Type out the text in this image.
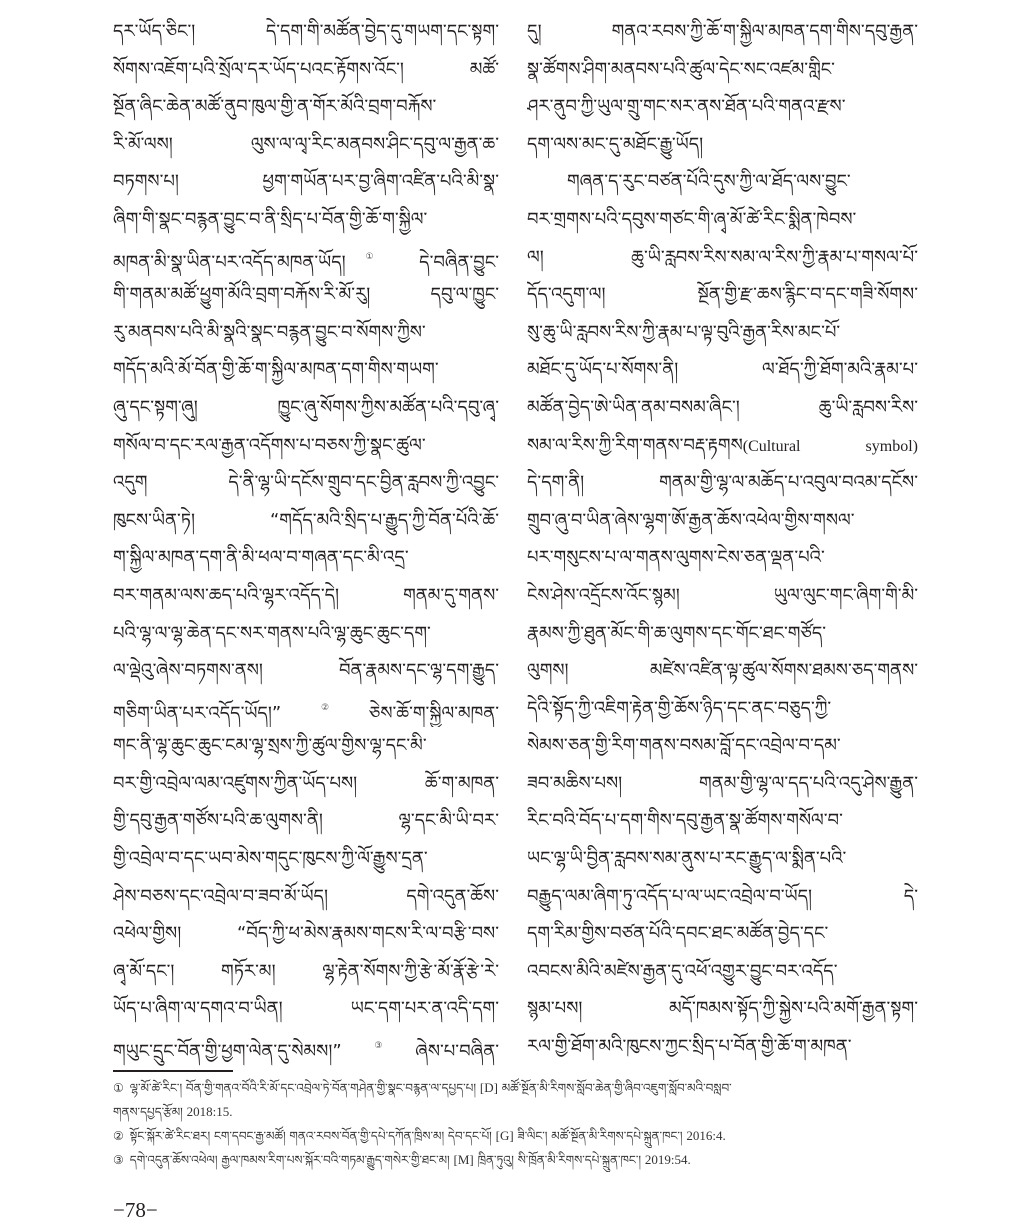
དར་ཡོད་ཅིང་། དེ་དག་གི་མཚོན་བྱེད་དུ་གཡག་དང་སྟག་
སོགས་འཇོག་པའི་སྲོལ་དར་ཡོད་པའང་རྟོགས་འོང་། མཚོ་
སྔོན་ཞིང་ཆེན་མཚོ་ནུབ་ཁུལ་གྱི་ན་གོར་མོའི་བྲག་བརྐོས་
རི་མོ་ལས། ལུས་ལ་ལྭ་རིང་མནབས་ཤིང་དབུ་ལ་རྒྱན་ཆ་
བཏགས་པ། ཕྱག་གཡོན་པར་བྱ་ཞིག་འཛིན་པའི་མི་སྣ་
ཞིག་གི་སྣང་བརྙན་བྱུང་བ་ནི་སྲིད་པ་བོན་གྱི་ཆོ་ག་སྐྱིལ་
མཁན་མི་སྣ་ཡིན་པར་འདོད་མཁན་ཡོད།① དེ་བཞིན་བྱུང་
གི་གནམ་མཚོ་ཕྱུག་མོའི་བྲག་བརྐོས་རི་མོ་རུ། དབུ་ལ་ཁྱུང་
རུ་མནབས་པའི་མི་སྣའི་སྣང་བརྙན་བྱུང་བ་སོགས་ཀྱིས་
གདོད་མའི་མོ་བོན་གྱི་ཆོ་ག་སྐྱིལ་མཁན་དག་གིས་གཡག་
ཞུ་དང་སྟག་ཞུ། ཁྱུང་ཞུ་སོགས་ཀྱིས་མཚོན་པའི་དབུ་ཞྭ་
གསོལ་བ་དང་རལ་རྒྱན་འདོགས་པ་བཅས་ཀྱི་སྣང་ཚུལ་
འདུག དེ་ནི་ལྷ་ཡི་དངོས་གྲུབ་དང་བྱིན་རླབས་ཀྱི་འབྱུང་
ཁུངས་ཡིན་ཏེ། “གདོད་མའི་སྲིད་པ་རྒྱུད་ཀྱི་བོན་པོའི་ཆོ་
ག་སྐྱིལ་མཁན་དག་ནི་མི་ཕལ་བ་གཞན་དང་མི་འདྲ་
བར་གནམ་ལས་ཆད་པའི་ལྷར་འདོད་དེ། གནམ་དུ་གནས་
པའི་ལྷ་ལ་ལྷ་ཆེན་དང་སར་གནས་པའི་ལྷ་ཆུང་ཆུང་དག་
ལ་ལྡེའུ་ཞེས་བཏགས་ནས། བོན་རྣམས་དང་ལྷ་དག་རྒྱུད་
གཅིག་ཡིན་པར་འདོད་ཡོད།”②ཅེས་ཆོ་ག་སྐྱིལ་མཁན་
གང་ནི་ལྷ་ཆུང་ཆུང་ངམ་ལྷ་སྲས་ཀྱི་ཚུལ་གྱིས་ལྷ་དང་མི་
བར་གྱི་འབྲེལ་ལམ་འཛུགས་ཀྱིན་ཡོད་པས། ཆོ་ག་མཁན་
གྱི་དབུ་རྒྱན་གཙོས་པའི་ཆ་ལུགས་ནི། ལྷ་དང་མི་ཡི་བར་
གྱི་འབྲེལ་བ་དང་ཡབ་མེས་གདུང་ཁུངས་ཀྱི་ལོ་རྒྱུས་དྲན་
ཤེས་བཅས་དང་འབྲེལ་བ་ཟབ་མོ་ཡོད། དགེ་འདུན་ཆོས་
འཕེལ་གྱིས། “བོད་ཀྱི་ཕ་མེས་རྣམས་གངས་རི་ལ་བརྩི་བས་
ཞྭ་མོ་དང་། གཏོར་མ། ལྷ་རྟེན་སོགས་ཀྱི་རྩེ་མོ་རྣོ་རྩེ་རེ་
ཡོད་པ་ཞིག་ལ་དགའ་བ་ཡིན། ཡང་དག་པར་ན་འདི་དག་
གཡུང་དྲུང་བོན་གྱི་ཕྱག་ལེན་དུ་སེམས།”③ཞེས་པ་བཞིན་
དུ། གནའ་རབས་ཀྱི་ཆོ་ག་སྐྱིལ་མཁན་དག་གིས་དབུ་རྒྱན་
སྣ་ཚོགས་ཤིག་མནབས་པའི་ཚུལ་དེང་སང་འཛམ་གླིང་
ཤར་ནུབ་ཀྱི་ཡུལ་གྲུ་གང་སར་ནས་ཐོན་པའི་གནའ་རྫས་
དག་ལས་མང་དུ་མཐོང་རྒྱུ་ཡོད།
གཞན་ད་རུང་བཙན་པོའི་དུས་ཀྱི་ལ་ཐོད་ལས་བྱུང་
བར་གྲགས་པའི་དབུས་གཙང་གི་ཞྭ་མོ་ཚེ་རིང་སྨིན་ཁེབས་
ལ། ཆུ་ཡི་རླབས་རིས་སམ་ལ་རིས་ཀྱི་རྣམ་པ་གསལ་པོ་
དོད་འདུག་ལ། སྔོན་གྱི་རྫ་ཆས་རྙིང་བ་དང་གཟི་སོགས་
སུ་ཆུ་ཡི་རླབས་རིས་ཀྱི་རྣམ་པ་ལྟ་བུའི་རྒྱན་རིས་མང་པོ་
མཐོང་དུ་ཡོད་པ་སོགས་ནི། ལ་ཐོད་ཀྱི་ཐོག་མའི་རྣམ་པ་
མཚོན་བྱེད་ཨེ་ཡིན་ནམ་བསམ་ཞིང་། ཆུ་ཡི་རླབས་རིས་
སམ་ལ་རིས་ཀྱི་རིག་གནས་བརྡ་རྟགས(Cultural symbol)
དེ་དག་ནི། གནམ་གྱི་ལྷ་ལ་མཆོད་པ་འབུལ་བའམ་དངོས་
གྲུབ་ཞུ་བ་ཡིན་ཞེས་ལྷག་ཨོ་རྒྱན་ཆོས་འཕེལ་གྱིས་གསལ་
པར་གསུངས་པ་ལ་གནས་ལུགས་ངེས་ཅན་ལྡན་པའི་
ངེས་ཤེས་འདྲོངས་འོང་སྙམ། ཡུལ་ལུང་གང་ཞིག་གི་མི་
རྣམས་ཀྱི་ཐུན་མོང་གི་ཆ་ལུགས་དང་གོང་ཐང་གཙོད་
ལུགས། མཛེས་འཛིན་ལྟ་ཚུལ་སོགས་ཐམས་ཅད་གནས་
དེའི་སྟོད་ཀྱི་འཇིག་རྟེན་གྱི་ཆོས་ཉིད་དང་ནང་བཅུད་ཀྱི་
སེམས་ཅན་གྱི་རིག་གནས་བསམ་བློ་དང་འབྲེལ་བ་དམ་
ཟབ་མཆིས་པས། གནམ་གྱི་ལྷ་ལ་དད་པའི་འདུ་ཤེས་རྒྱུན་
རིང་བའི་བོད་པ་དག་གིས་དབུ་རྒྱན་སྣ་ཚོགས་གསོལ་བ་
ཡང་ལྷ་ཡི་བྱིན་རླབས་སམ་ནུས་པ་རང་རྒྱུད་ལ་སྨིན་པའི་
བརྒྱུད་ལམ་ཞིག་ཏུ་འདོད་པ་ལ་ཡང་འབྲེལ་བ་ཡོད། དེ་
དག་རིམ་གྱིས་བཙན་པོའི་དབང་ཐང་མཚོན་བྱེད་དང་
འབངས་མིའི་མཛེས་རྒྱན་དུ་འཕོ་འགྱུར་བྱུང་བར་འདོད་
སྙམ་པས། མདོ་ཁམས་སྟོད་ཀྱི་སྐྱེས་པའི་མགོ་རྒྱན་སྟག་
རལ་གྱི་ཐོག་མའི་ཁུངས་ཀྱང་སྲིད་པ་བོན་གྱི་ཆོ་ག་མཁན་
① ལྷ་མོ་ཚེ་རིང་། བོན་གྱི་གནའ་བོའི་རི་མོ་དང་འབྲེལ་ཏེ་བོན་གཤེན་གྱི་སྣང་བརྙན་ལ་དཔྱད་པ། [D] མཚོ་སྔོན་མི་རིགས་སློབ་ཆེན་གྱི་ཞིབ་འཇུག་སློབ་མའི་བསླབ་
གནས་དཔྱད་རྩོམ། 2018:15.
② སྟོང་སྐོར་ཚེ་རིང་ཐར། ངག་དབང་རྒྱ་མཚོ། གནའ་རབས་བོན་གྱི་དཔེ་དཀོན་ཁྲིས་མ། དེབ་དང་པོ། [G] ཟི་ལིང་། མཚོ་སྔོན་མི་རིགས་དཔེ་སྐྲུན་ཁང་། 2016:4.
③ དགེ་འདུན་ཆོས་འཕེལ། རྒྱལ་ཁམས་རིག་པས་སྐོར་བའི་གཏམ་རྒྱུད་གསེར་གྱི་ཐང་མ། [M] ཁྲིན་ཏུའུ། སི་ཁྲོན་མི་རིགས་དཔེ་སྐྲུན་ཁང་། 2019:54.
−78−
